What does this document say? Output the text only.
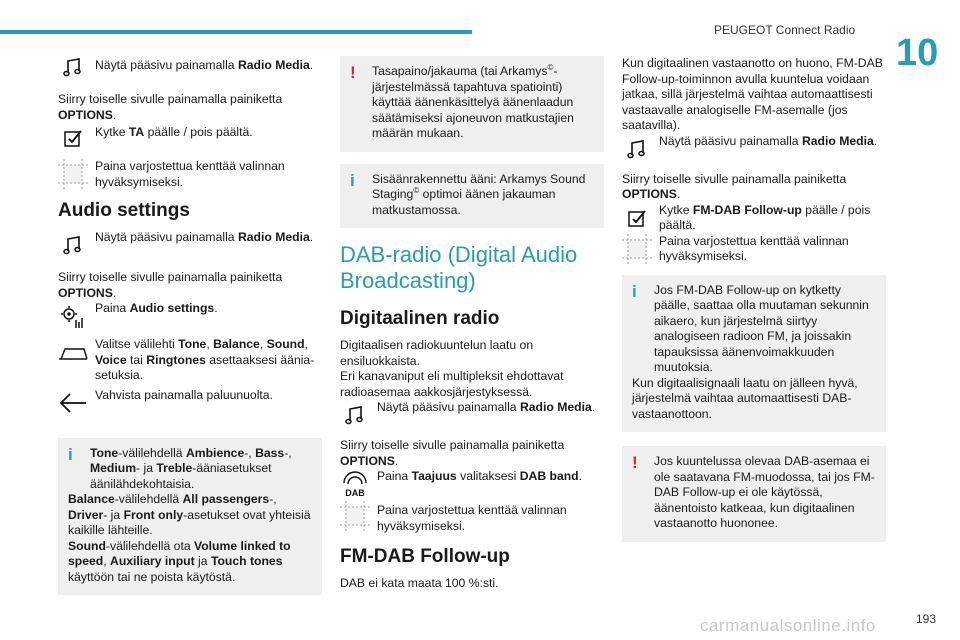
PEUGEOT Connect Radio
10
Näytä pääsivu painamalla Radio Media.

Siirry toiselle sivulle painamalla painiketta OPTIONS.

Kytke TA päälle / pois päältä.
Paina varjostettua kenttää valinnan hyväksymiseksi.
Audio settings
Näytä pääsivu painamalla Radio Media.

Siirry toiselle sivulle painamalla painiketta OPTIONS.

Paina Audio settings.
Valitse välilehti Tone, Balance, Sound, Voice tai Ringtones asettaaksesi ääniasetuksia.
Vahvista painamalla paluunuolta.
i	Tone-välilehdellä Ambience-, Bass-,
Medium- ja Treble-ääniasetukset äänilähdekohtaisia.

Balance-välilehdellä All passengers-,
Driver- ja Front only-asetukset ovat yhteisiä kaikille lähteille.

Sound-välilehdellä ota Volume linked to speed, Auxiliary input ja Touch tones käyttöön tai ne poista käytöstä.

!	Tasapaino/jakauma (tai Arkamys©-järjestelmässä tapahtuva spatiointi) käyttää äänenkäsittelyä äänenlaadun säätämiseksi ajoneuvon matkustajien määrän mukaan.

i	Sisäänrakennettu ääni: Arkamys Sound Staging© optimoi äänen jakauman matkustamossa.

DAB-radio (Digital Audio Broadcasting)
Digitaalinen radio

Digitaalisen radiokuuntelun laatu on ensiluokkaista.

Eri kanavaniput eli multipleksit ehdottavat radioasemaa aakkosjärjestyksessä.

Näytä pääsivu painamalla Radio Media.

Siirry toiselle sivulle painamalla painiketta OPTIONS.

DAB
Paina Taajuus valitaksesi DAB band.
Paina varjostettua kenttää valinnan hyväksymiseksi.
FM-DAB Follow-up

DAB ei kata maata 100 %:sti.

Kun digitaalinen vastaanotto on huono, FM-DAB Follow-up-toiminnon avulla kuuntelua voidaan jatkaa, sillä järjestelmä vaihtaa automaattisesti vastaavalle analogiselle FM-asemalle (jos saatavilla).

Näytä pääsivu painamalla Radio Media.

Siirry toiselle sivulle painamalla painiketta OPTIONS.

Kytke FM-DAB Follow-up päälle / pois päältä.
Paina varjostettua kenttää valinnan hyväksymiseksi.
i	Jos FM-DAB Follow-up on kytketty päälle, saattaa olla muutaman sekunnin aikaero, kun järjestelmä siirtyy analogiseen radioon FM, ja joissakin tapauksissa äänenvoimakkuuden muutoksia.

Kun digitaalisignaali laatu on jälleen hyvä, järjestelmä vaihtaa automaattisesti DAB-vastaanottoon.

!	Jos kuuntelussa olevaa DAB-asemaa ei ole saatavana FM-muodossa, tai jos FM-DAB Follow-up ei ole käytössä, äänentoisto katkeaa, kun digitaalinen vastaanotto huononee.

carmanualsonline.info	193
